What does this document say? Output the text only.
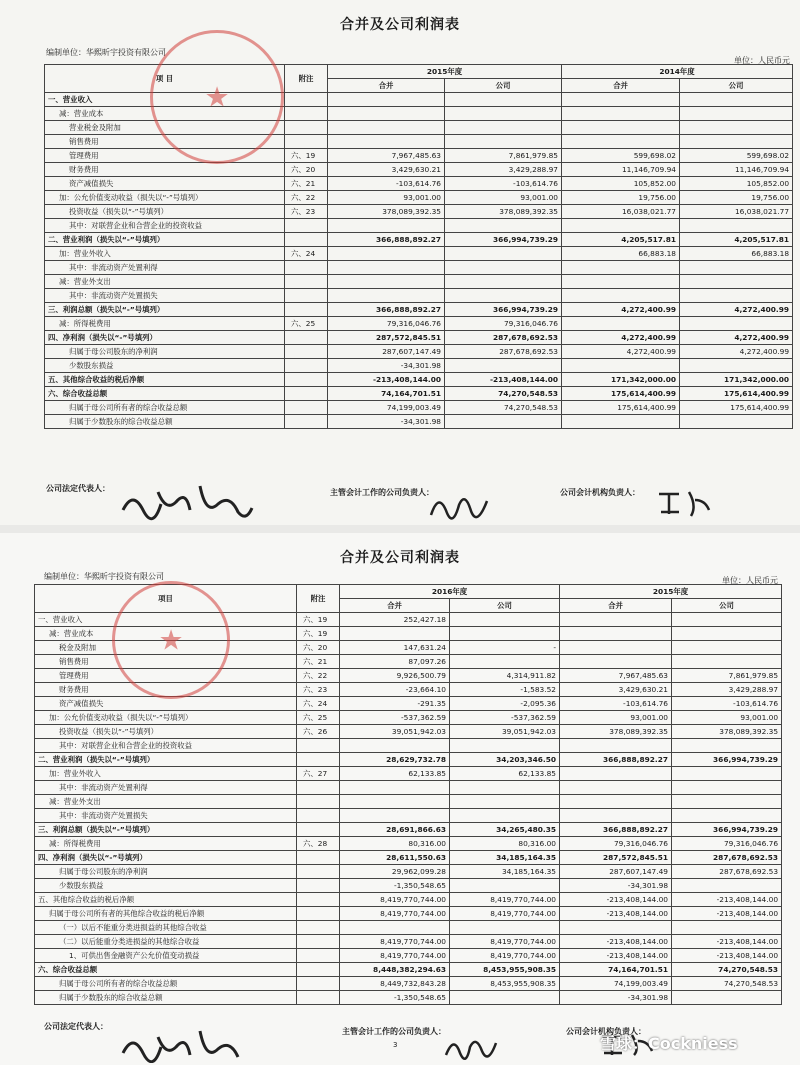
合并及公司利润表
编制单位：华熙昕宇投资有限公司
单位：人民币元
项 目	附注	2015年度		2014年度	
		合并	公司	合并	公司
一、营业收入					
减：营业成本					
营业税金及附加					
销售费用					
管理费用	六、19	7,967,485.63	7,861,979.85	599,698.02	599,698.02
财务费用	六、20	3,429,630.21	3,429,288.97	11,146,709.94	11,146,709.94
资产减值损失	六、21	-103,614.76	-103,614.76	105,852.00	105,852.00
加：公允价值变动收益（损失以“-”号填列）	六、22	93,001.00	93,001.00	19,756.00	19,756.00
投资收益（损失以“-”号填列）	六、23	378,089,392.35	378,089,392.35	16,038,021.77	16,038,021.77
其中：对联营企业和合营企业的投资收益					
二、营业利润（损失以“-”号填列）		366,888,892.27	366,994,739.29	4,205,517.81	4,205,517.81
加：营业外收入	六、24			66,883.18	66,883.18
其中：非流动资产处置利得					
减：营业外支出					
其中：非流动资产处置损失					
三、利润总额（损失以“-”号填列）		366,888,892.27	366,994,739.29	4,272,400.99	4,272,400.99
减：所得税费用	六、25	79,316,046.76	79,316,046.76		
四、净利润（损失以“-”号填列）		287,572,845.51	287,678,692.53	4,272,400.99	4,272,400.99
归属于母公司股东的净利润		287,607,147.49	287,678,692.53	4,272,400.99	4,272,400.99
少数股东损益		-34,301.98			
五、其他综合收益的税后净额		-213,408,144.00	-213,408,144.00	171,342,000.00	171,342,000.00
六、综合收益总额		74,164,701.51	74,270,548.53	175,614,400.99	175,614,400.99
归属于母公司所有者的综合收益总额		74,199,003.49	74,270,548.53	175,614,400.99	175,614,400.99
归属于少数股东的综合收益总额		-34,301.98			
★
公司法定代表人：	主管会计工作的公司负责人：	公司会计机构负责人：
合并及公司利润表
编制单位：华熙昕宇投资有限公司	单位：人民币元
项目	附注	2016年度		2015年度	
		合并	公司	合并	公司
一、营业收入	六、19	252,427.18			
减：营业成本	六、19				
税金及附加	六、20	147,631.24	-		
销售费用	六、21	87,097.26			
管理费用	六、22	9,926,500.79	4,314,911.82	7,967,485.63	7,861,979.85
财务费用	六、23	-23,664.10	-1,583.52	3,429,630.21	3,429,288.97
资产减值损失	六、24	-291.35	-2,095.36	-103,614.76	-103,614.76
加：公允价值变动收益（损失以“-”号填列）	六、25	-537,362.59	-537,362.59	93,001.00	93,001.00
投资收益（损失以“-”号填列）	六、26	39,051,942.03	39,051,942.03	378,089,392.35	378,089,392.35
其中：对联营企业和合营企业的投资收益					
二、营业利润（损失以“-”号填列）		28,629,732.78	34,203,346.50	366,888,892.27	366,994,739.29
加：营业外收入	六、27	62,133.85	62,133.85		
其中：非流动资产处置利得					
减：营业外支出					
其中：非流动资产处置损失					
三、利润总额（损失以“-”号填列）		28,691,866.63	34,265,480.35	366,888,892.27	366,994,739.29
减：所得税费用	六、28	80,316.00	80,316.00	79,316,046.76	79,316,046.76
四、净利润（损失以“-”号填列）		28,611,550.63	34,185,164.35	287,572,845.51	287,678,692.53
归属于母公司股东的净利润		29,962,099.28	34,185,164.35	287,607,147.49	287,678,692.53
少数股东损益		-1,350,548.65		-34,301.98	
五、其他综合收益的税后净额		8,419,770,744.00	8,419,770,744.00	-213,408,144.00	-213,408,144.00
归属于母公司所有者的其他综合收益的税后净额		8,419,770,744.00	8,419,770,744.00	-213,408,144.00	-213,408,144.00
（一）以后不能重分类进损益的其他综合收益					
（二）以后能重分类进损益的其他综合收益		8,419,770,744.00	8,419,770,744.00	-213,408,144.00	-213,408,144.00
1、可供出售金融资产公允价值变动损益		8,419,770,744.00	8,419,770,744.00	-213,408,144.00	-213,408,144.00
六、综合收益总额		8,448,382,294.63	8,453,955,908.35	74,164,701.51	74,270,548.53
归属于母公司所有者的综合收益总额		8,449,732,843.28	8,453,955,908.35	74,199,003.49	74,270,548.53
归属于少数股东的综合收益总额		-1,350,548.65		-34,301.98	
★
公司法定代表人：
主管会计工作的公司负责人：	公司会计机构负责人：
3	雪球：Cockniess
